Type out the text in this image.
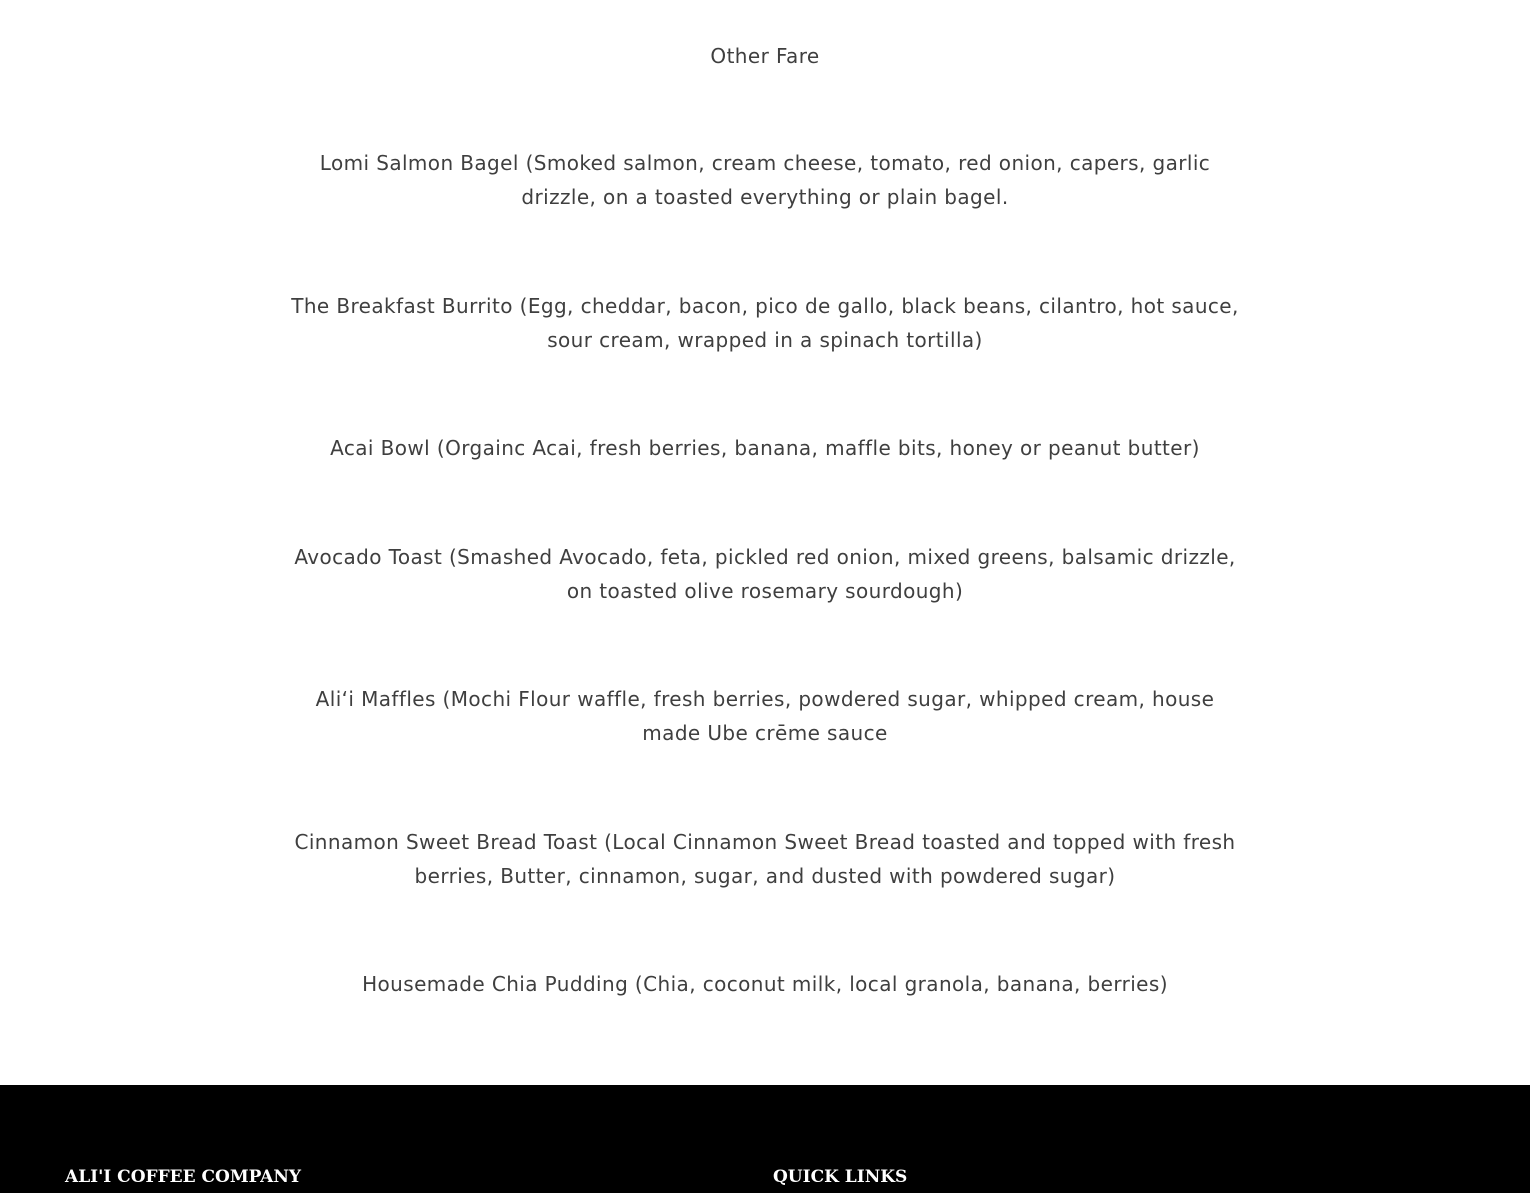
Other Fare

Lomi Salmon Bagel (Smoked salmon, cream cheese, tomato, red onion, capers, garlic drizzle, on a toasted everything or plain bagel.

The Breakfast Burrito (Egg, cheddar, bacon, pico de gallo, black beans, cilantro, hot sauce, sour cream, wrapped in a spinach tortilla)

Acai Bowl (Orgainc Acai, fresh berries, banana, maffle bits, honey or peanut butter)

Avocado Toast (Smashed Avocado, feta, pickled red onion, mixed greens, balsamic drizzle, on toasted olive rosemary sourdough)

Ali‘i Maffles (Mochi Flour waffle, fresh berries, powdered sugar, whipped cream, house made Ube crēme sauce

Cinnamon Sweet Bread Toast (Local Cinnamon Sweet Bread toasted and topped with fresh berries, Butter, cinnamon, sugar, and dusted with powdered sugar)

Housemade Chia Pudding (Chia, coconut milk, local granola, banana, berries)

ALI'I COFFEE COMPANY	QUICK LINKS
